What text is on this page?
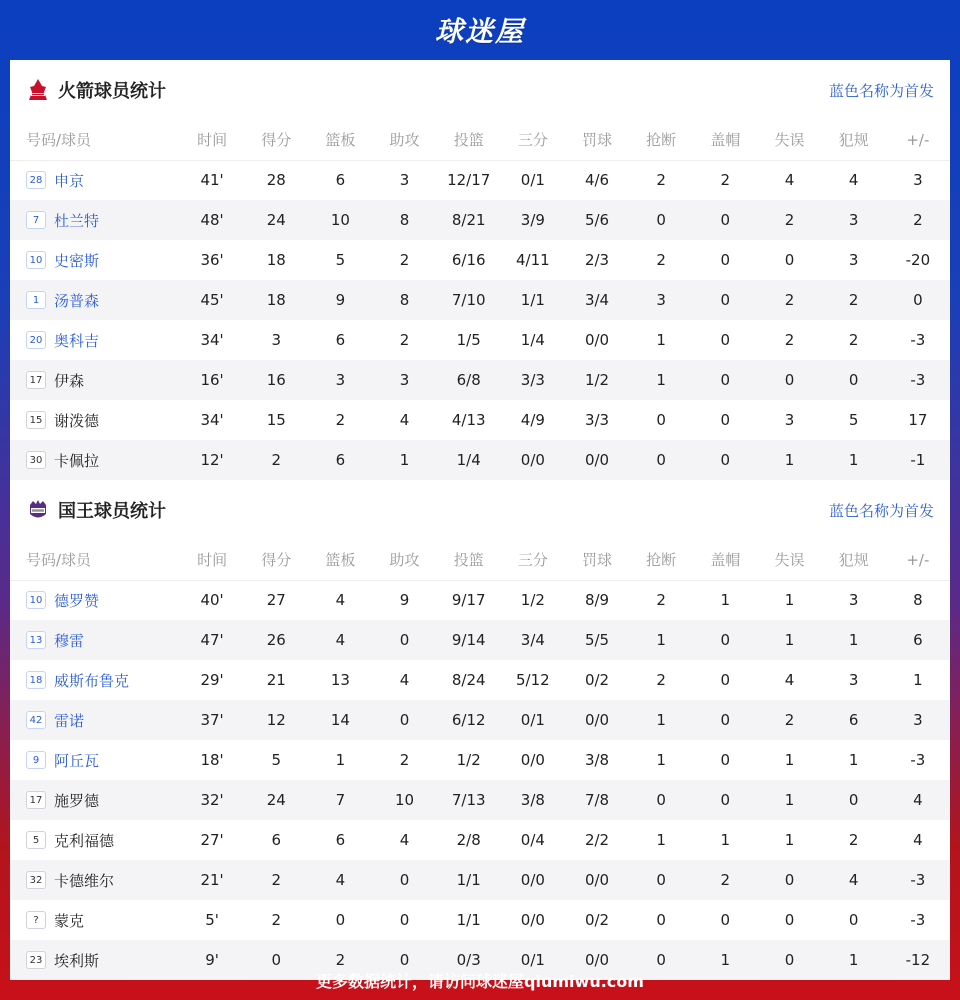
球迷屋
火箭球员统计	蓝色名称为首发
号码/球员	时间	得分	篮板	助攻	投篮	三分	罚球	抢断	盖帽	失误	犯规	+/-

28 申京	41'	28	6	3	12/17	0/1	4/6	2	2	4	4	3

7 杜兰特	48'	24	10	8	8/21	3/9	5/6	0	0	2	3	2

10 史密斯	36'	18	5	2	6/16	4/11	2/3	2	0	0	3	-20

1 汤普森	45'	18	9	8	7/10	1/1	3/4	3	0	2	2	0

20 奥科吉	34'	3	6	2	1/5	1/4	0/0	1	0	2	2	-3

17 伊森	16'	16	3	3	6/8	3/3	1/2	1	0	0	0	-3

15 谢泼德	34'	15	2	4	4/13	4/9	3/3	0	0	3	5	17

30 卡佩拉	12'	2	6	1	1/4	0/0	0/0	0	0	1	1	-1
国王球员统计	蓝色名称为首发
号码/球员	时间	得分	篮板	助攻	投篮	三分	罚球	抢断	盖帽	失误	犯规	+/-

10 德罗赞	40'	27	4	9	9/17	1/2	8/9	2	1	1	3	8

13 穆雷	47'	26	4	0	9/14	3/4	5/5	1	0	1	1	6

18 威斯布鲁克	29'	21	13	4	8/24	5/12	0/2	2	0	4	3	1

42 雷诺	37'	12	14	0	6/12	0/1	0/0	1	0	2	6	3

9 阿丘瓦	18'	5	1	2	1/2	0/0	3/8	1	0	1	1	-3

17 施罗德	32'	24	7	10	7/13	3/8	7/8	0	0	1	0	4

5 克利福德	27'	6	6	4	2/8	0/4	2/2	1	1	1	2	4

32 卡德维尔	21'	2	4	0	1/1	0/0	0/0	0	2	0	4	-3

? 蒙克	5'	2	0	0	1/1	0/0	0/2	0	0	0	0	-3

23 埃利斯	9'	0	2	0	0/3	0/1	0/0	0	1	0	1	-12
更多数据统计，请访问球迷屋qiumiwu.com
